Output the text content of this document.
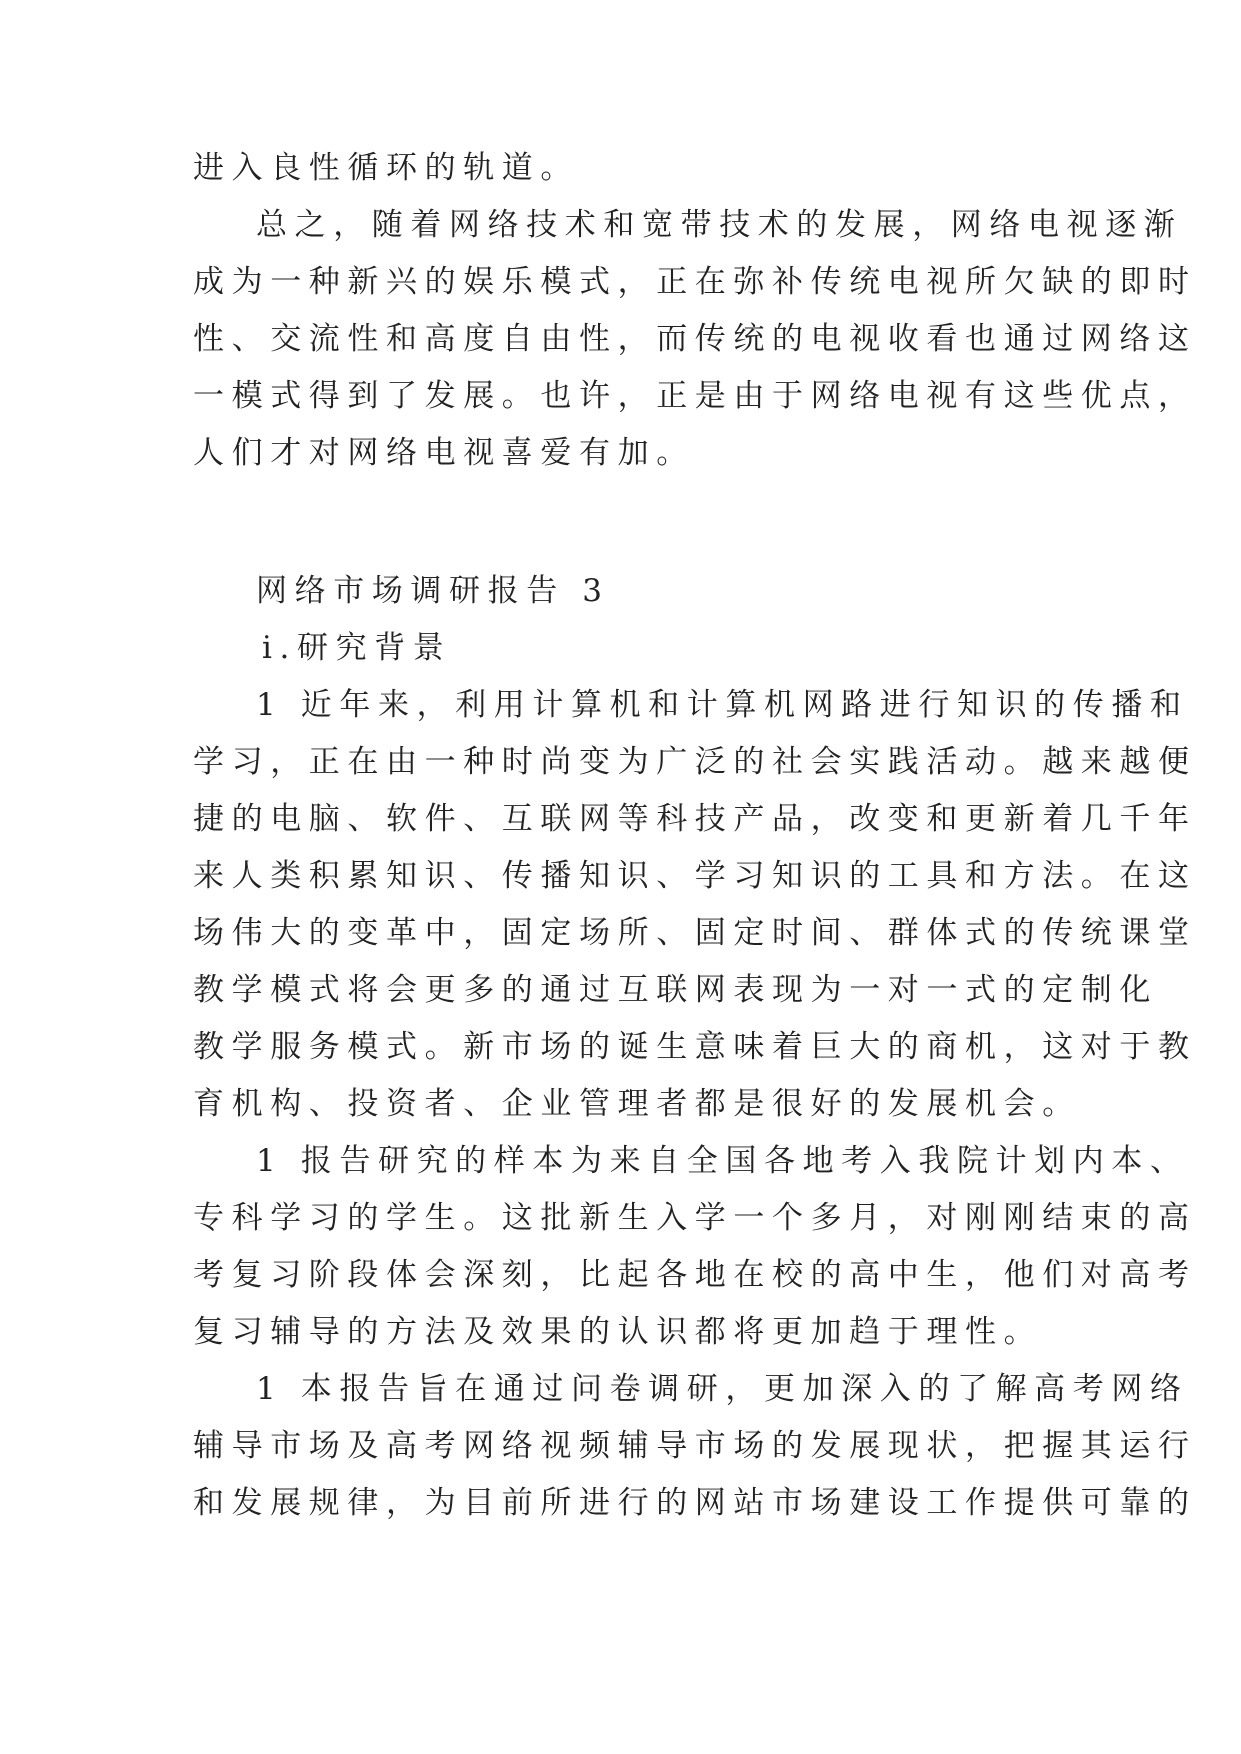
进入良性循环的轨道。
总之，随着网络技术和宽带技术的发展，网络电视逐渐
成为一种新兴的娱乐模式，正在弥补传统电视所欠缺的即时
性、交流性和高度自由性，而传统的电视收看也通过网络这
一模式得到了发展。也许，正是由于网络电视有这些优点，
人们才对网络电视喜爱有加。
网络市场调研报告 3
ⅰ.研究背景
1 近年来，利用计算机和计算机网路进行知识的传播和
学习，正在由一种时尚变为广泛的社会实践活动。越来越便
捷的电脑、软件、互联网等科技产品，改变和更新着几千年
来人类积累知识、传播知识、学习知识的工具和方法。在这
场伟大的变革中，固定场所、固定时间、群体式的传统课堂
教学模式将会更多的通过互联网表现为一对一式的定制化
教学服务模式。新市场的诞生意味着巨大的商机，这对于教
育机构、投资者、企业管理者都是很好的发展机会。
1 报告研究的样本为来自全国各地考入我院计划内本、
专科学习的学生。这批新生入学一个多月，对刚刚结束的高
考复习阶段体会深刻，比起各地在校的高中生，他们对高考
复习辅导的方法及效果的认识都将更加趋于理性。
1 本报告旨在通过问卷调研，更加深入的了解高考网络
辅导市场及高考网络视频辅导市场的发展现状，把握其运行
和发展规律，为目前所进行的网站市场建设工作提供可靠的
